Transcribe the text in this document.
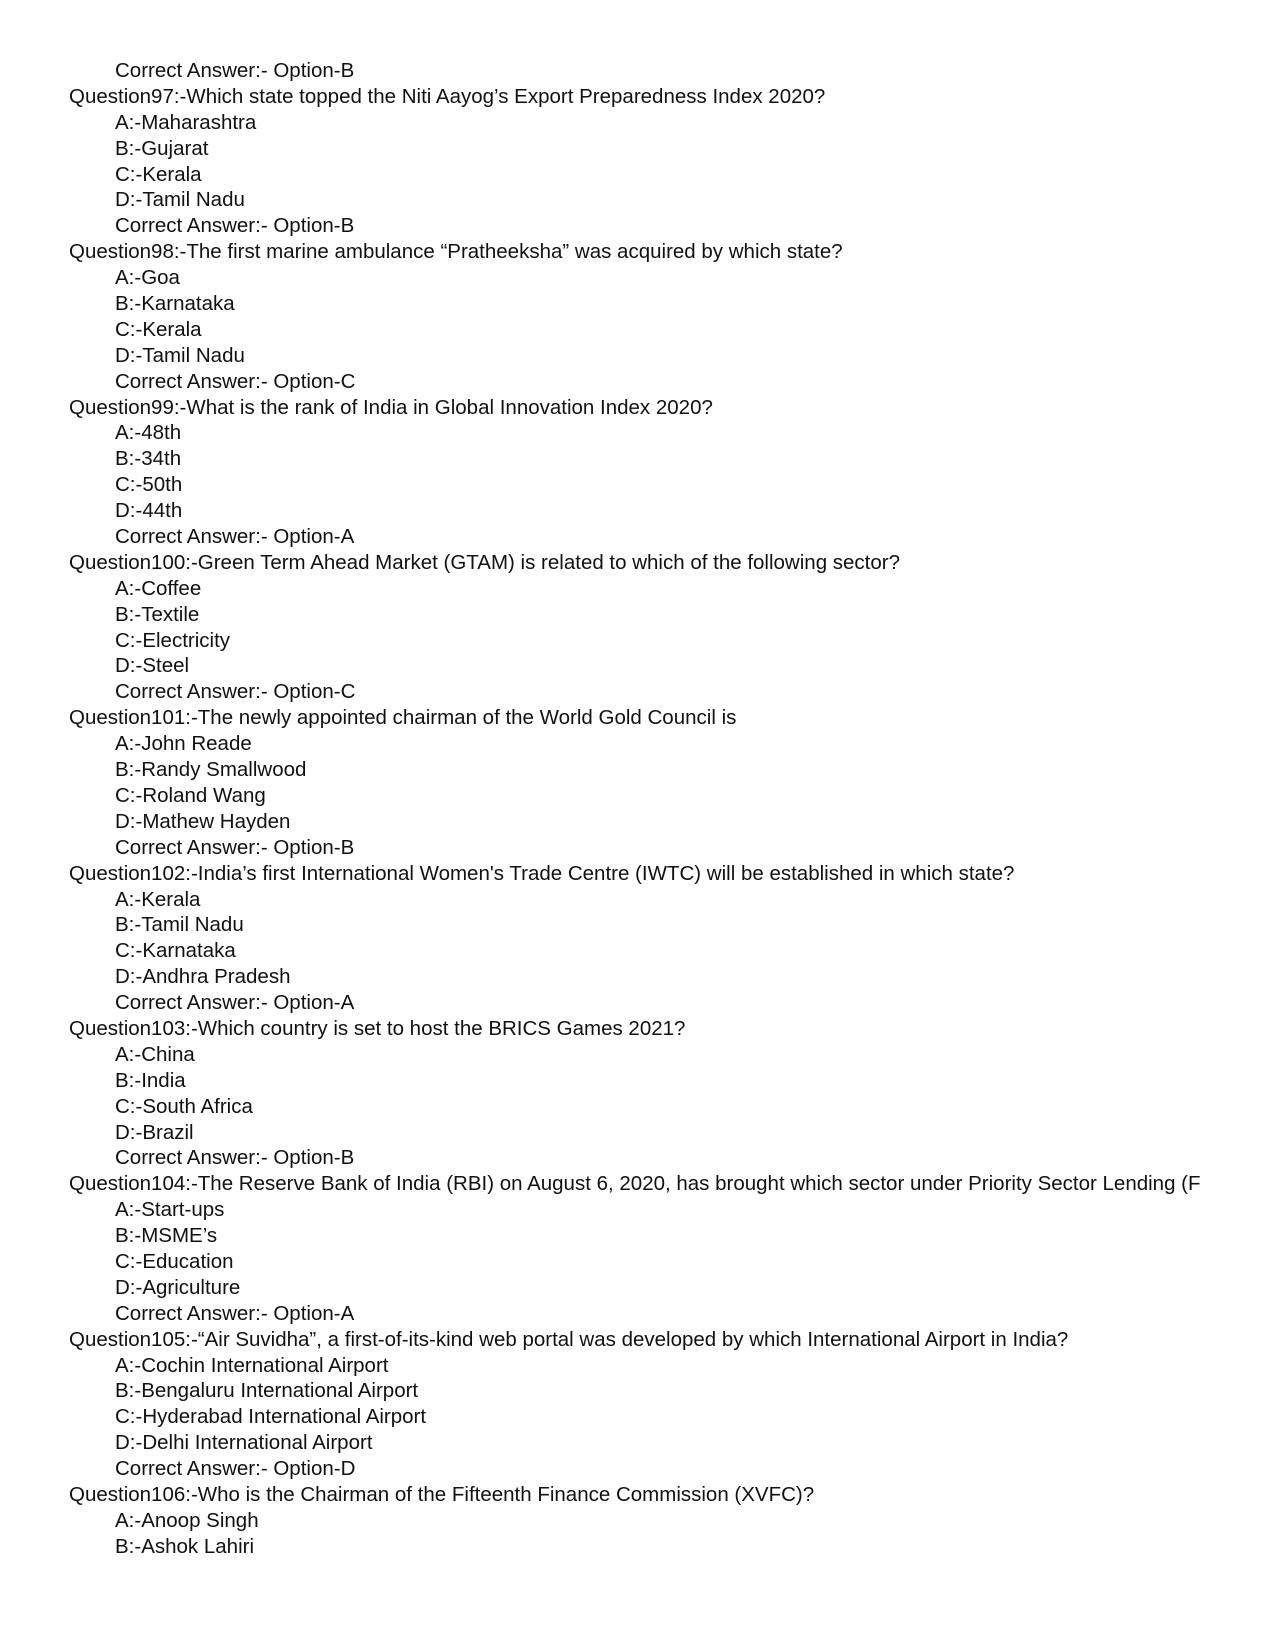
Correct Answer:- Option-B
Question97:-Which state topped the Niti Aayog’s Export Preparedness Index 2020?
A:-Maharashtra
B:-Gujarat
C:-Kerala
D:-Tamil Nadu
Correct Answer:- Option-B
Question98:-The first marine ambulance “Pratheeksha” was acquired by which state?
A:-Goa
B:-Karnataka
C:-Kerala
D:-Tamil Nadu
Correct Answer:- Option-C
Question99:-What is the rank of India in Global Innovation Index 2020?
A:-48th
B:-34th
C:-50th
D:-44th
Correct Answer:- Option-A
Question100:-Green Term Ahead Market (GTAM) is related to which of the following sector?
A:-Coffee
B:-Textile
C:-Electricity
D:-Steel
Correct Answer:- Option-C
Question101:-The newly appointed chairman of the World Gold Council is
A:-John Reade
B:-Randy Smallwood
C:-Roland Wang
D:-Mathew Hayden
Correct Answer:- Option-B
Question102:-India’s first International Women's Trade Centre (IWTC) will be established in which state?
A:-Kerala
B:-Tamil Nadu
C:-Karnataka
D:-Andhra Pradesh
Correct Answer:- Option-A
Question103:-Which country is set to host the BRICS Games 2021?
A:-China
B:-India
C:-South Africa
D:-Brazil
Correct Answer:- Option-B
Question104:-The Reserve Bank of India (RBI) on August 6, 2020, has brought which sector under Priority Sector Lending (F
A:-Start-ups
B:-MSME’s
C:-Education
D:-Agriculture
Correct Answer:- Option-A
Question105:-“Air Suvidha”, a first-of-its-kind web portal was developed by which International Airport in India?
A:-Cochin International Airport
B:-Bengaluru International Airport
C:-Hyderabad International Airport
D:-Delhi International Airport
Correct Answer:- Option-D
Question106:-Who is the Chairman of the Fifteenth Finance Commission (XVFC)?
A:-Anoop Singh
B:-Ashok Lahiri
